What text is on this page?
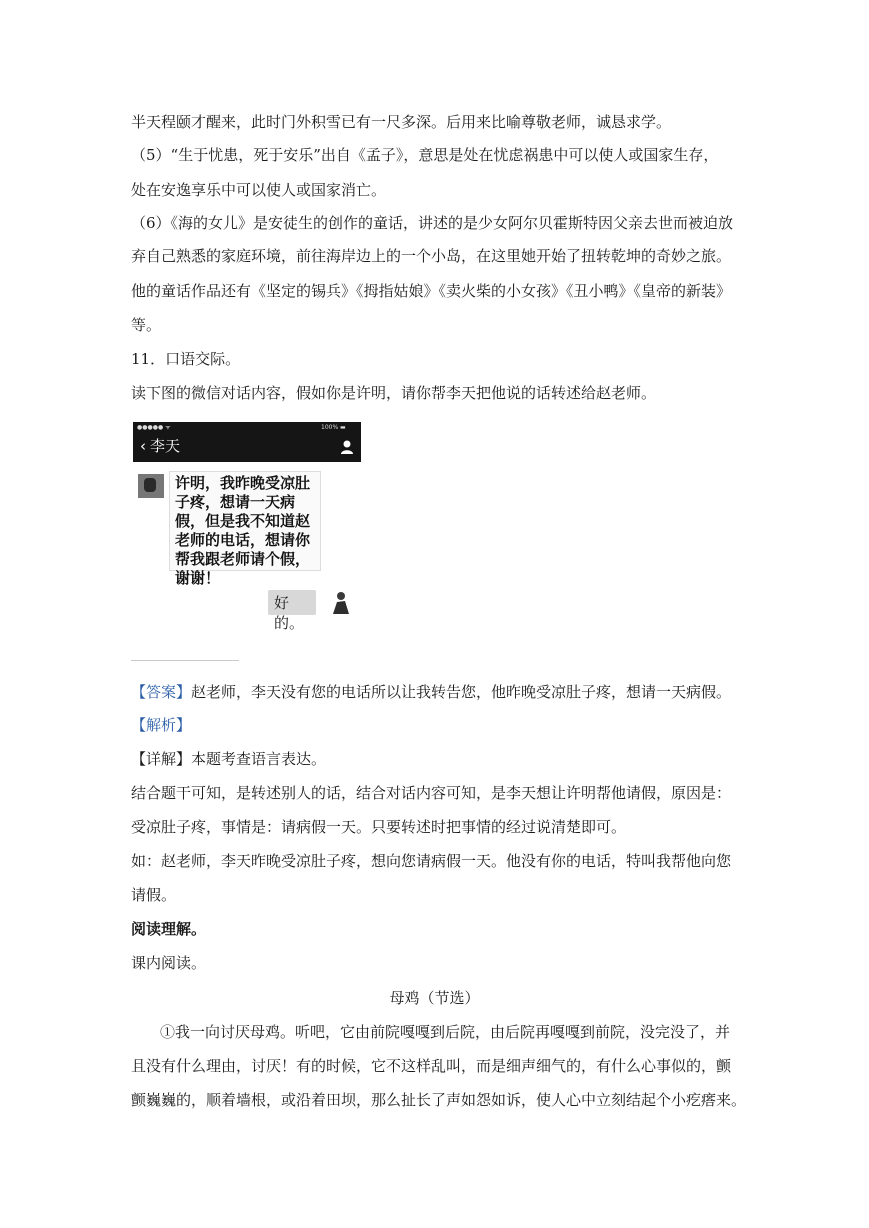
半天程颐才醒来，此时门外积雪已有一尺多深。后用来比喻尊敬老师，诚恳求学。
（5）“生于忧患，死于安乐”出自《孟子》，意思是处在忧虑祸患中可以使人或国家生存，
处在安逸享乐中可以使人或国家消亡。
（6）《海的女儿》是安徒生的创作的童话，讲述的是少女阿尔贝霍斯特因父亲去世而被迫放
弃自己熟悉的家庭环境，前往海岸边上的一个小岛，在这里她开始了扭转乾坤的奇妙之旅。
他的童话作品还有《坚定的锡兵》《拇指姑娘》《卖火柴的小女孩》《丑小鸭》《皇帝的新装》
等。
11．口语交际。
读下图的微信对话内容，假如你是许明，请你帮李天把他说的话转述给赵老师。
●●●●● ᯤ	100% ▬
‹ 李天
许明，我昨晚受凉肚子疼，想请一天病假，但是我不知道赵老师的电话，想请你帮我跟老师请个假，谢谢！
好的。
【答案】赵老师，李天没有您的电话所以让我转告您，他昨晚受凉肚子疼，想请一天病假。
【解析】
【详解】本题考查语言表达。
结合题干可知，是转述别人的话，结合对话内容可知，是李天想让许明帮他请假，原因是：
受凉肚子疼，事情是：请病假一天。只要转述时把事情的经过说清楚即可。
如：赵老师，李天昨晚受凉肚子疼，想向您请病假一天。他没有你的电话，特叫我帮他向您
请假。
阅读理解。
课内阅读。
母鸡（节选）
①我一向讨厌母鸡。听吧，它由前院嘎嘎到后院，由后院再嘎嘎到前院，没完没了，并
且没有什么理由，讨厌！有的时候，它不这样乱叫，而是细声细气的，有什么心事似的，颤
颤巍巍的，顺着墙根，或沿着田坝，那么扯长了声如怨如诉，使人心中立刻结起个小疙瘩来。
